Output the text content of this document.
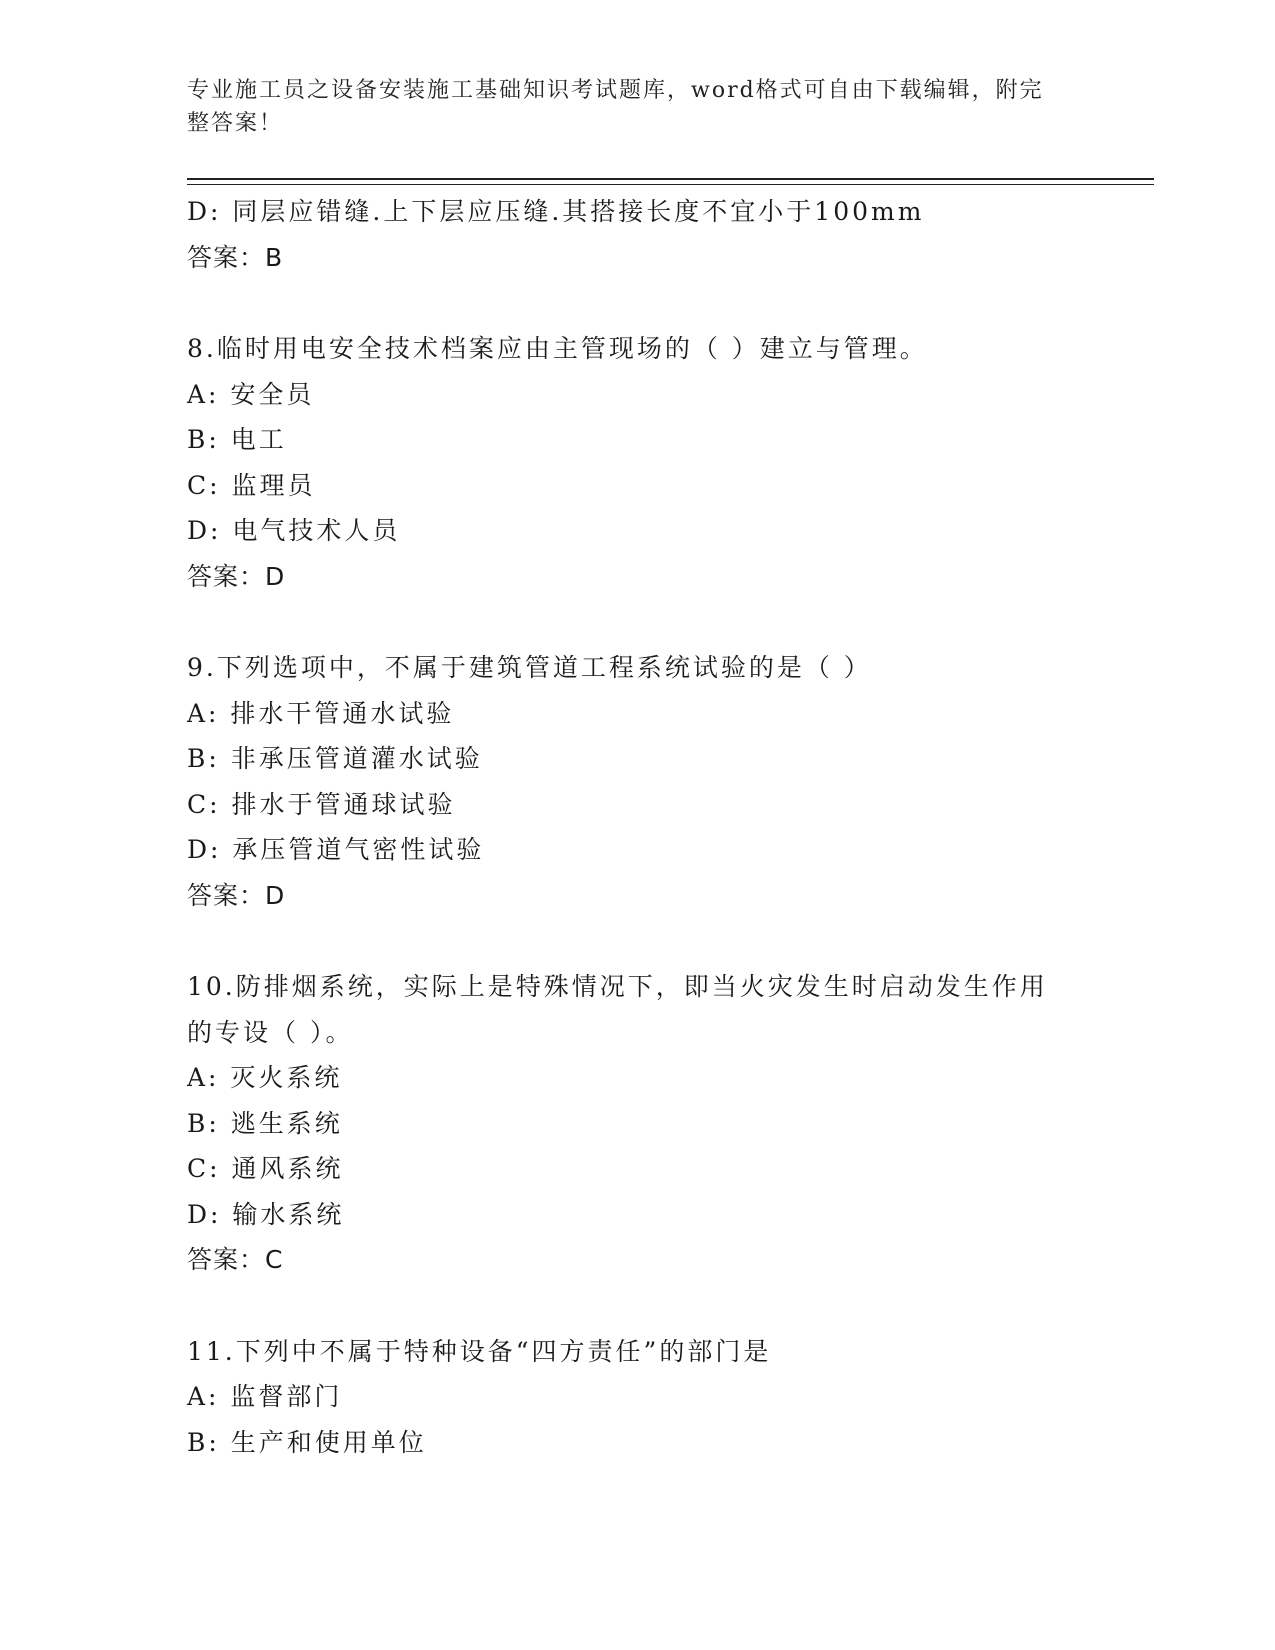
专业施工员之设备安装施工基础知识考试题库，word格式可自由下载编辑，附完整答案！
D: 同层应错缝.上下层应压缝.其搭接长度不宜小于100mm
答案：B
8.临时用电安全技术档案应由主管现场的（ ）建立与管理。
A: 安全员
B: 电工
C: 监理员
D: 电气技术人员
答案：D
9.下列选项中，不属于建筑管道工程系统试验的是（ ）
A: 排水干管通水试验
B: 非承压管道灌水试验
C: 排水于管通球试验
D: 承压管道气密性试验
答案：D
10.防排烟系统，实际上是特殊情况下，即当火灾发生时启动发生作用的专设（ ）。
A: 灭火系统
B: 逃生系统
C: 通风系统
D: 输水系统
答案：C
11.下列中不属于特种设备“四方责任”的部门是
A: 监督部门
B: 生产和使用单位
